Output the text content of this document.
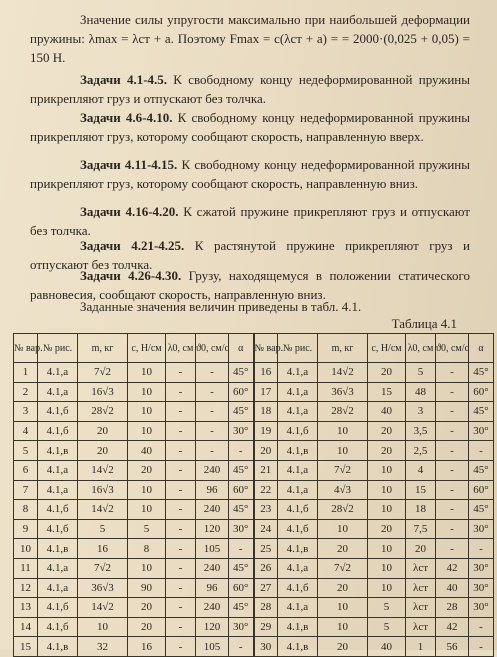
Значение силы упругости максимально при наибольшей деформации пружины: λmax = λст + a. Поэтому Fmax = c(λст + a) = = 2000·(0,025 + 0,05) = 150 Н.

Задачи 4.1-4.5. К свободному концу недеформированной пружины прикрепляют груз и отпускают без толчка.

Задачи 4.6-4.10. К свободному концу недеформированной пружины прикрепляют груз, которому сообщают скорость, направленную вверх.

Задачи 4.11-4.15. К свободному концу недеформированной пружины прикрепляют груз, которому сообщают скорость, направленную вниз.

Задачи 4.16-4.20. К сжатой пружине прикрепляют груз и отпускают без толчка.

Задачи 4.21-4.25. К растянутой пружине прикрепляют груз и отпускают без толчка.

Задачи 4.26-4.30. Грузу, находящемуся в положении статического равновесия, сообщают скорость, направленную вниз.

Заданные значения величин приведены в табл. 4.1.

Таблица 4.1
№ вар.	№ рис.	m, кг	c, Н/см	λ0, см	ϑ0, см/с	α	№ вар.	№ рис.	m, кг	c, Н/см	λ0, см	ϑ0, см/с	α
1	4.1,а	7√2	10	-	-	45°	16	4.1,а	14√2	20	5	-	45°
2	4.1,а	16√3	10	-	-	60°	17	4.1,а	36√3	15	48	-	60°
3	4.1,б	28√2	10	-	-	45°	18	4.1,а	28√2	40	3	-	45°
4	4.1,б	20	10	-	-	30°	19	4.1,б	10	20	3,5	-	30°
5	4.1,в	20	40	-	-	-	20	4.1,в	10	20	2,5	-	-
6	4.1,а	14√2	20	-	240	45°	21	4.1,а	7√2	10	4	-	45°
7	4.1,а	16√3	10	-	96	60°	22	4.1,а	4√3	10	15	-	60°
8	4.1,б	14√2	10	-	240	45°	23	4.1,б	28√2	10	18	-	45°
9	4.1,б	5	5	-	120	30°	24	4.1,б	10	20	7,5	-	30°
10	4.1,в	16	8	-	105	-	25	4.1,в	20	10	20	-	-
11	4.1,а	7√2	10	-	240	45°	26	4.1,а	7√2	10	λст	42	30°
12	4.1,а	36√3	90	-	96	60°	27	4.1,б	20	10	λст	40	30°
13	4.1,б	14√2	20	-	240	45°	28	4.1,а	10	5	λст	28	30°
14	4.1,б	10	20	-	120	30°	29	4.1,в	10	5	λст	42	-
15	4.1,в	32	16	-	105	-	30	4.1,в	20	40	1	56	-
